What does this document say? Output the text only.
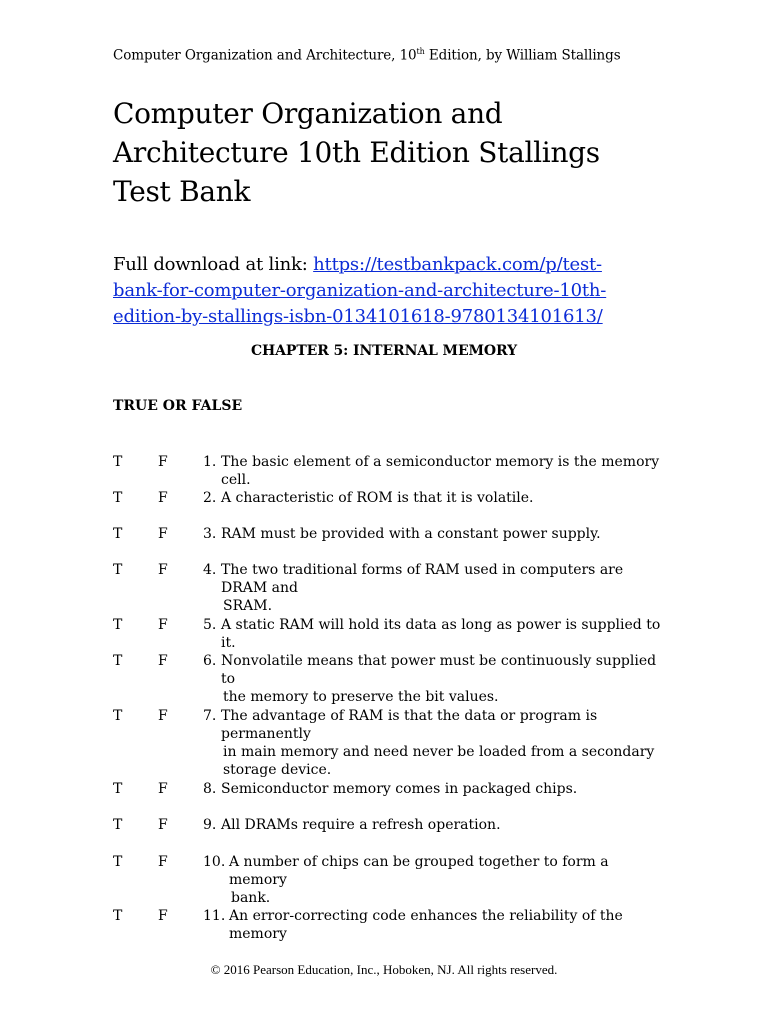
Computer Organization and Architecture, 10th Edition, by William Stallings
Computer Organization and
Architecture 10th Edition Stallings
Test Bank
Full download at link: https://testbankpack.com/p/test-
bank-for-computer-organization-and-architecture-10th-
edition-by-stallings-isbn-0134101618-9780134101613/
CHAPTER 5: INTERNAL MEMORY
TRUE OR FALSE
T	F	1. The basic element of a semiconductor memory is the memory cell.
T	F	2. A characteristic of ROM is that it is volatile.
T	F	3. RAM must be provided with a constant power supply.
T	F	4. The two traditional forms of RAM used in computers are DRAM and
SRAM.
T	F	5. A static RAM will hold its data as long as power is supplied to it.
T	F	6. Nonvolatile means that power must be continuously supplied to
the memory to preserve the bit values.
T	F	7. The advantage of RAM is that the data or program is permanently
in main memory and need never be loaded from a secondary
storage device.
T	F	8. Semiconductor memory comes in packaged chips.
T	F	9. All DRAMs require a refresh operation.
T	F	10. A number of chips can be grouped together to form a memory
bank.
T	F	11. An error-correcting code enhances the reliability of the memory
© 2016 Pearson Education, Inc., Hoboken, NJ. All rights reserved.
